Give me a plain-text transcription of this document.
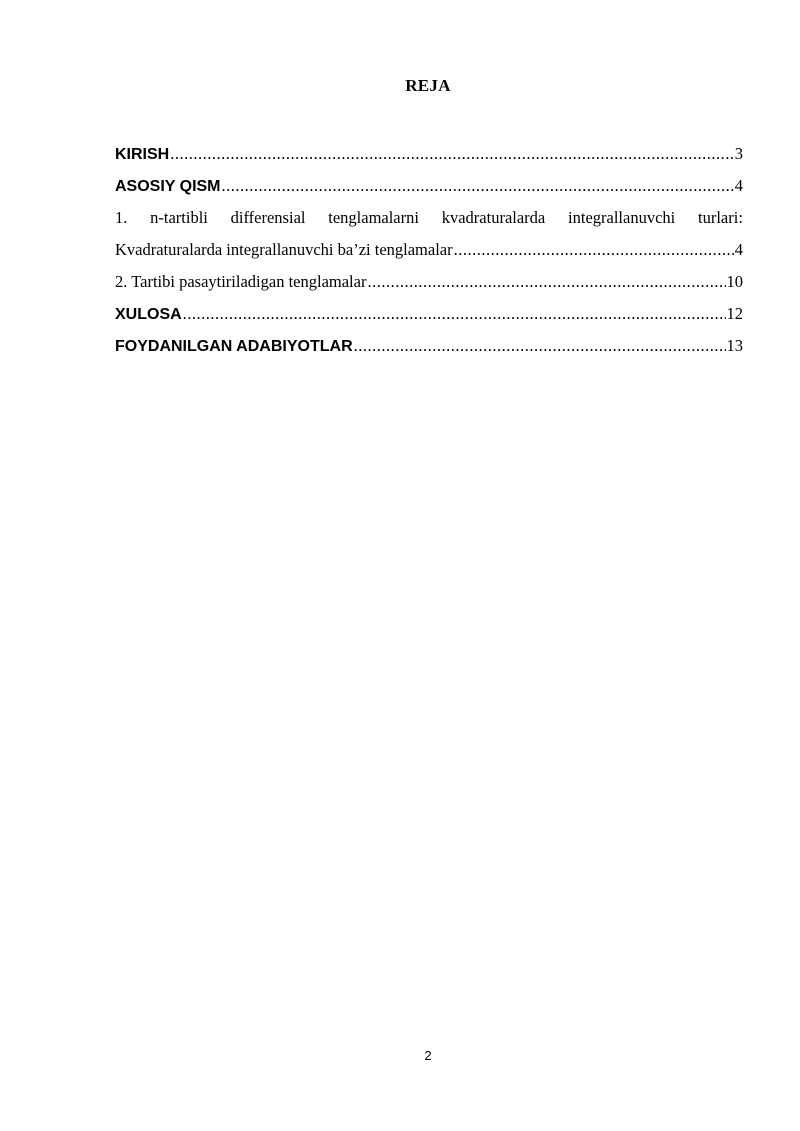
REJA
KIRISH .....	3
ASOSIY QISM .....	4
1. n-tartibli differensial tenglamalarni kvadraturalarda integrallanuvchi turlari:
Kvadraturalarda integrallanuvchi ba’zi tenglamalar .....	4
2. Tartibi pasaytiriladigan tenglamalar .....	10
XULOSA .....	12
FOYDANILGAN ADABIYOTLAR .....	13
2
